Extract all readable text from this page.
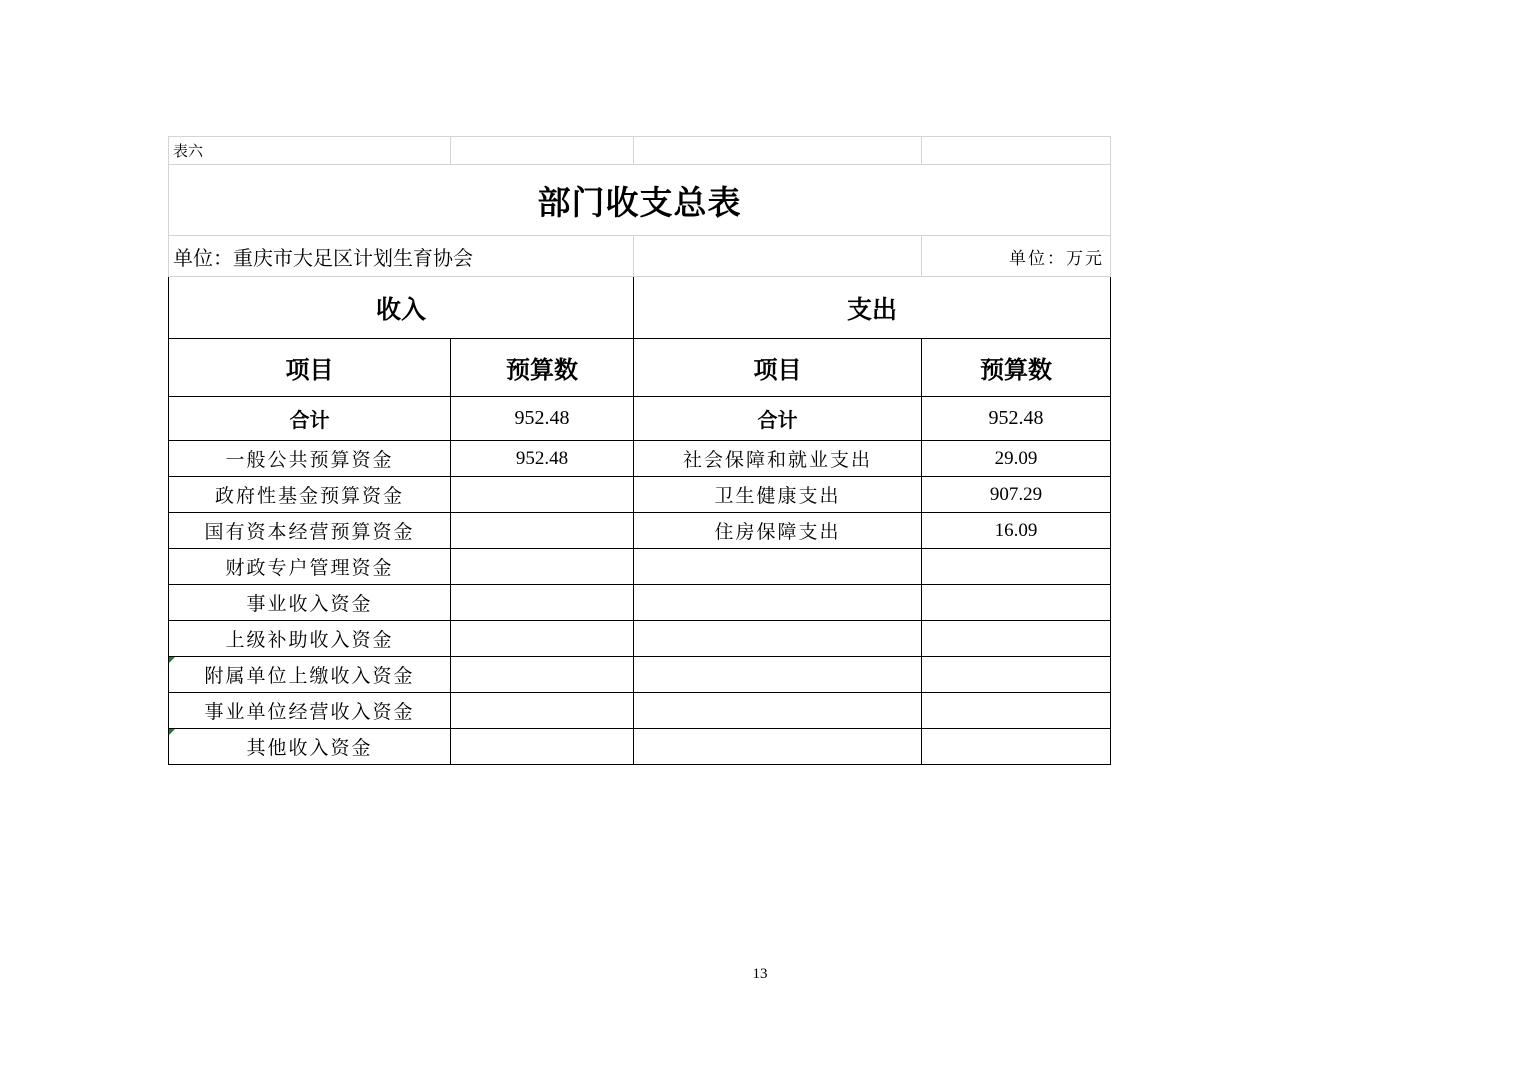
表六			
部门收支总表			
单位：重庆市大足区计划生育协会			单位：万元
收入		支出	
项目	预算数	项目	预算数
合计	952.48	合计	952.48
一般公共预算资金	952.48	社会保障和就业支出	29.09
政府性基金预算资金		卫生健康支出	907.29
国有资本经营预算资金		住房保障支出	16.09
财政专户管理资金			
事业收入资金			
上级补助收入资金			
附属单位上缴收入资金			
事业单位经营收入资金			
其他收入资金			
13
